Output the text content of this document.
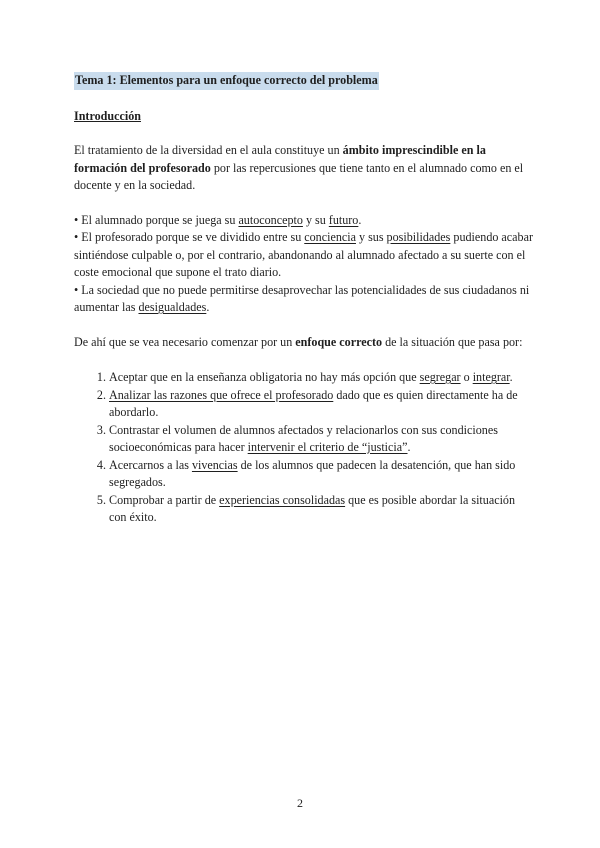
Tema 1: Elementos para un enfoque correcto del problema
Introducción

El tratamiento de la diversidad en el aula constituye un ámbito imprescindible en la formación del profesorado por las repercusiones que tiene tanto en el alumnado como en el docente y en la sociedad.

• El alumnado porque se juega su autoconcepto y su futuro.

• El profesorado porque se ve dividido entre su conciencia y sus posibilidades pudiendo acabar sintiéndose culpable o, por el contrario, abandonando al alumnado afectado a su suerte con el coste emocional que supone el trato diario.

• La sociedad que no puede permitirse desaprovechar las potencialidades de sus ciudadanos ni aumentar las desigualdades.

De ahí que se vea necesario comenzar por un enfoque correcto de la situación que pasa por:

1. Aceptar que en la enseñanza obligatoria no hay más opción que segregar o integrar.
2. Analizar las razones que ofrece el profesorado dado que es quien directamente ha de abordarlo.
3. Contrastar el volumen de alumnos afectados y relacionarlos con sus condiciones socioeconómicas para hacer intervenir el criterio de “justicia”.
4. Acercarnos a las vivencias de los alumnos que padecen la desatención, que han sido segregados.
5. Comprobar a partir de experiencias consolidadas que es posible abordar la situación con éxito.
2
